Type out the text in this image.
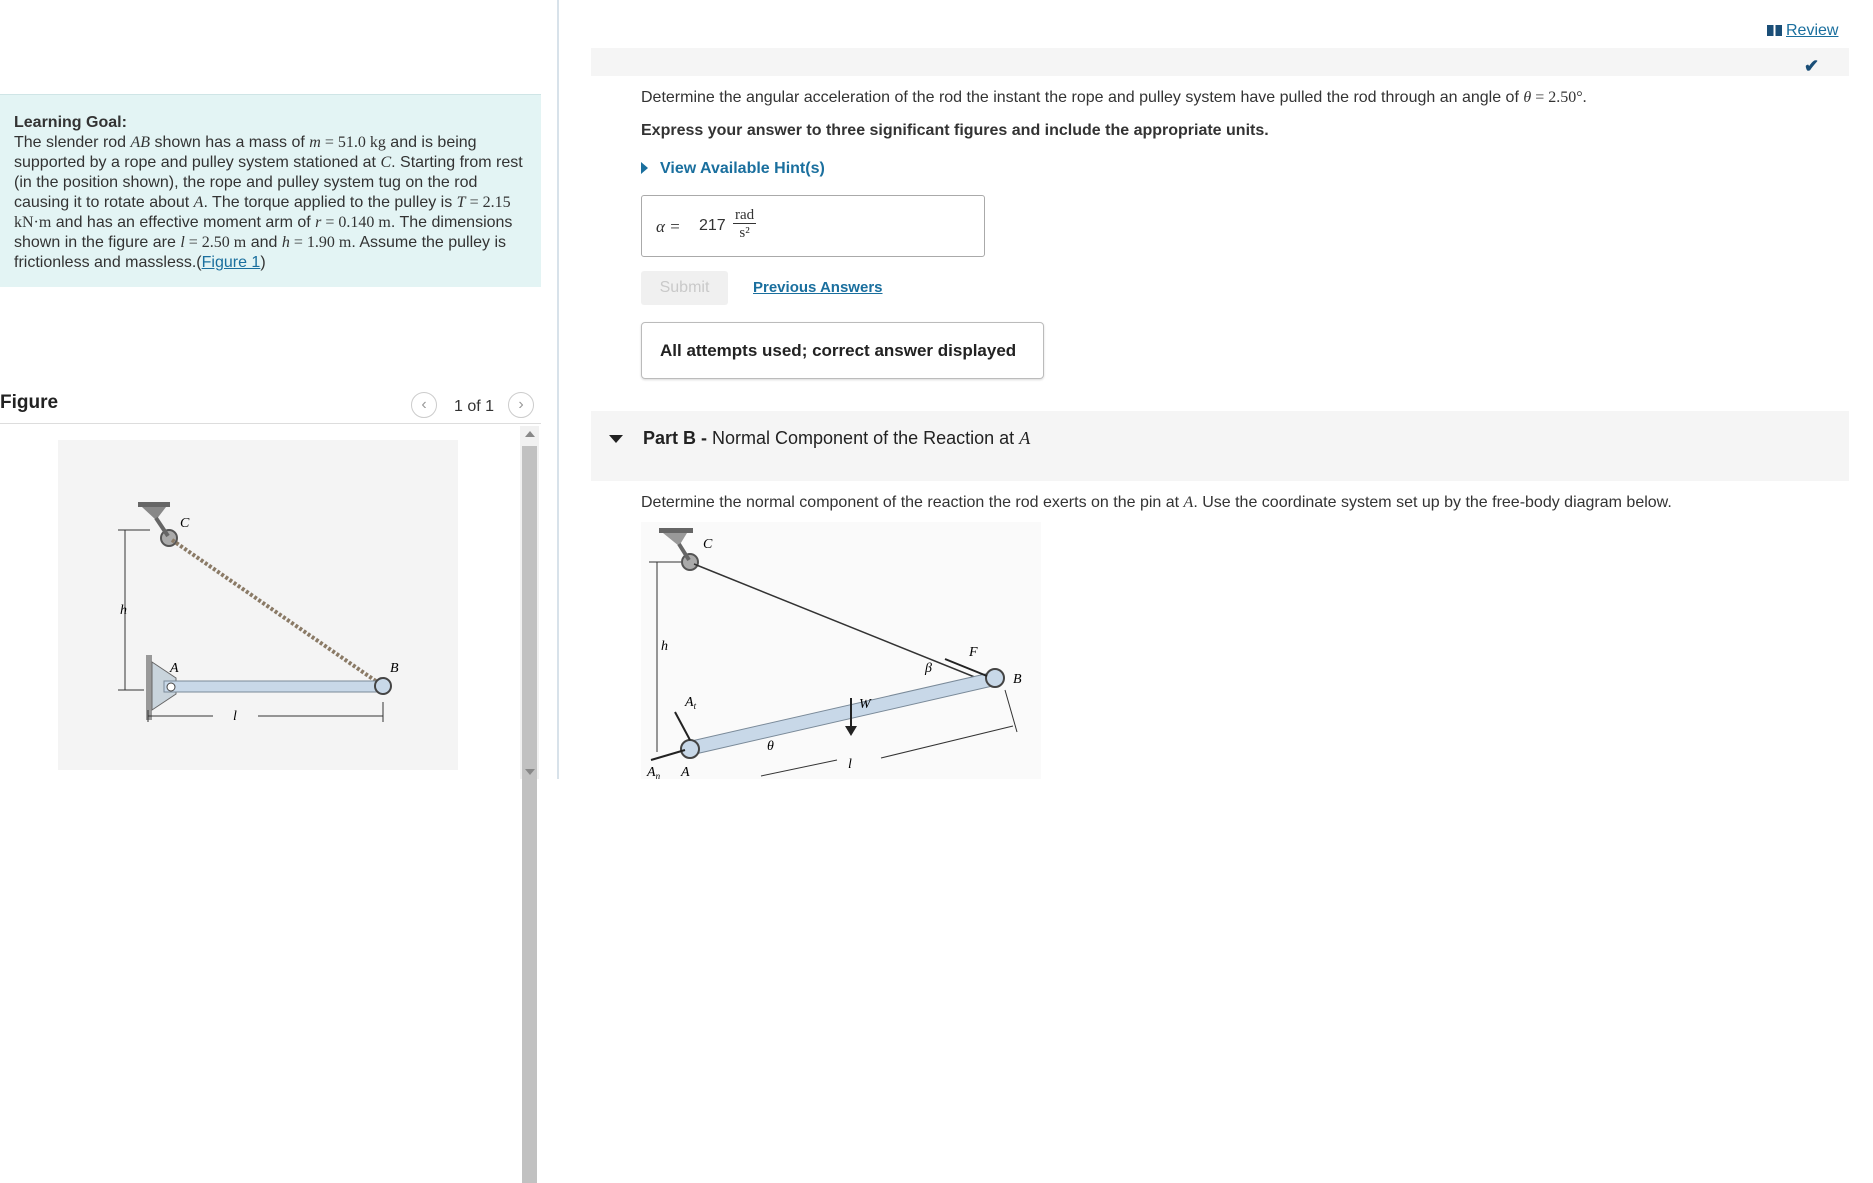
Learning Goal:
The slender rod AB shown has a mass of m = 51.0 kg and is being supported by a rope and pulley system stationed at C. Starting from rest (in the position shown), the rope and pulley system tug on the rod causing it to rotate about A. The torque applied to the pulley is T = 2.15 kN·m and has an effective moment arm of r = 0.140 m. The dimensions shown in the figure are l = 2.50 m and h = 1.90 m. Assume the pulley is frictionless and massless.(Figure 1)
Figure	‹	1 of 1	›
C
A	B
h
l
Review
✔
Determine the angular acceleration of the rod the instant the rope and pulley system have pulled the rod through an angle of θ = 2.50°.
Express your answer to three significant figures and include the appropriate units.
View Available Hint(s)
α = 217
rad
s²
Submit	Previous Answers
All attempts used; correct answer displayed
Part B - Normal Component of the Reaction at A
Determine the normal component of the reaction the rod exerts on the pin at A. Use the coordinate system set up by the free-body diagram below.
C
h	F
β
B
$A_t$	W
θ
l
$A_n$ A
